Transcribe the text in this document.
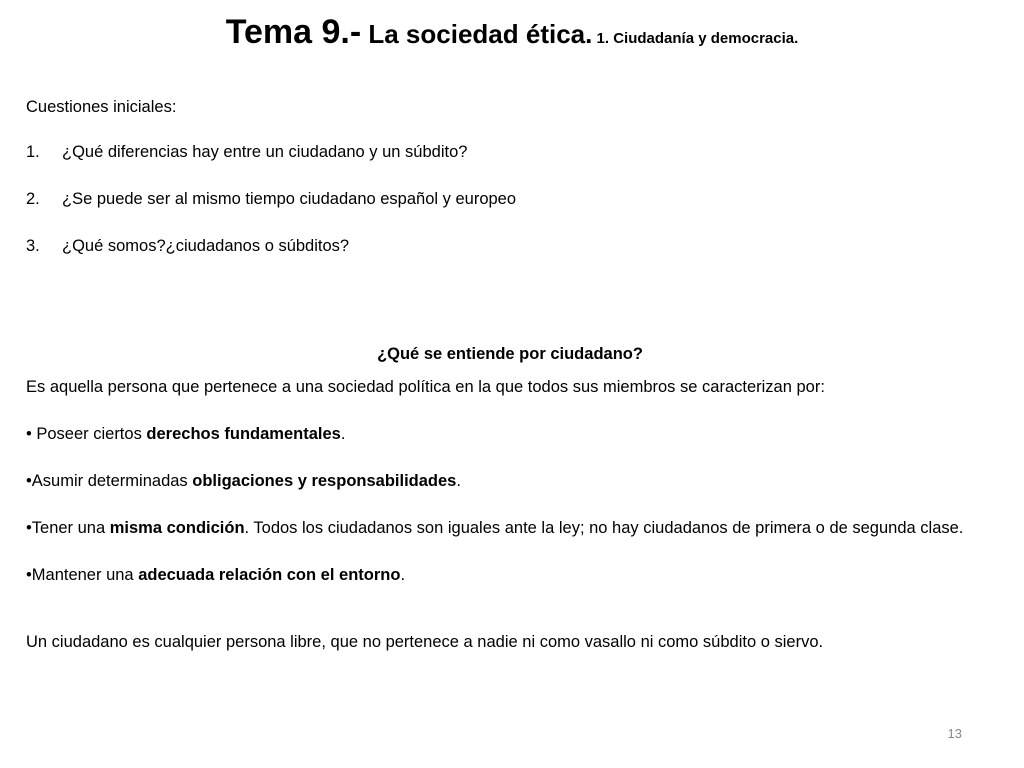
Tema 9.- La sociedad ética. 1. Ciudadanía y democracia.

Cuestiones iniciales:

1.	¿Qué diferencias hay entre un ciudadano y un súbdito?
2.	¿Se puede ser al mismo tiempo ciudadano español y europeo
3.	¿Qué somos?¿ciudadanos o súbditos?

¿Qué se entiende por ciudadano?

Es aquella persona que pertenece a una sociedad política en la que todos sus miembros se caracterizan por:

• Poseer ciertos derechos fundamentales.

•Asumir determinadas obligaciones y responsabilidades.

•Tener una misma condición. Todos los ciudadanos son iguales ante la ley; no hay ciudadanos de primera o de segunda clase.

•Mantener una adecuada relación con el entorno.

Un ciudadano es cualquier persona libre, que no pertenece a nadie ni como vasallo ni como súbdito o siervo.

13
